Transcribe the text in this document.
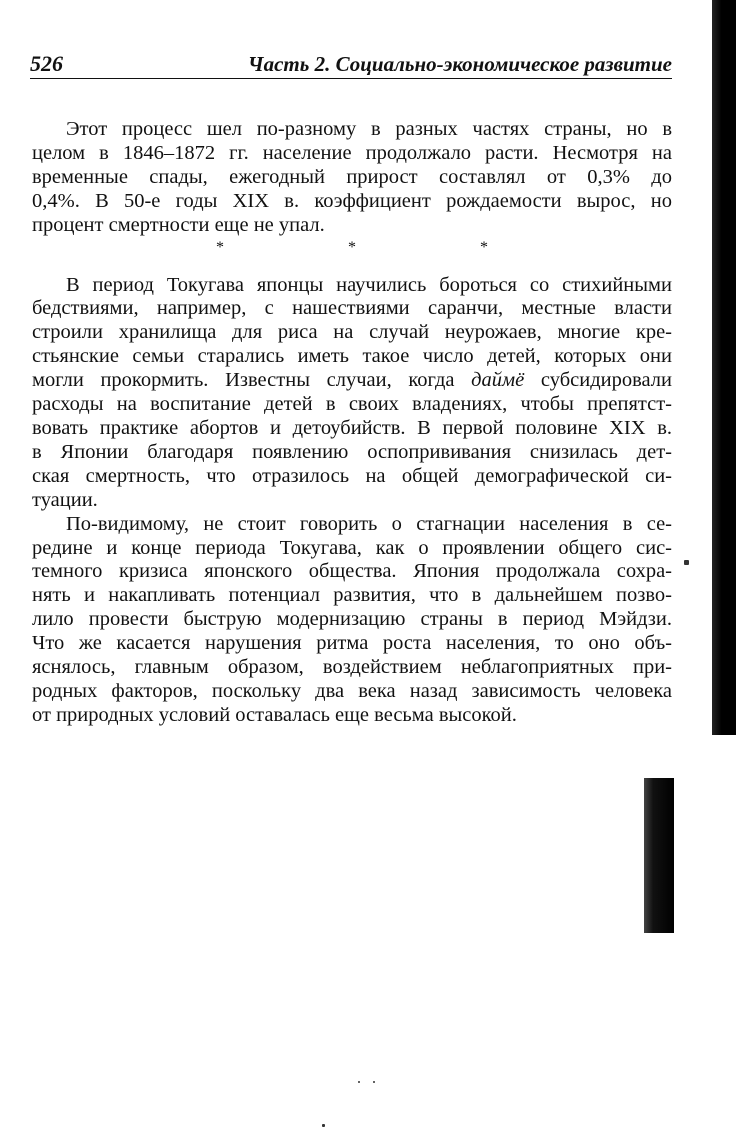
526	Часть 2. Социально-экономическое развитие

Этот процесс шел по-разному в разных частях страны, но в
целом в 1846–1872 гг. население продолжало расти. Несмотря на
временные спады, ежегодный прирост составлял от 0,3% до
0,4%. В 50-е годы XIX в. коэффициент рождаемости вырос, но
процент смертности еще не упал.

* * *

В период Токугава японцы научились бороться со стихийными
бедствиями, например, с нашествиями саранчи, местные власти
строили хранилища для риса на случай неурожаев, многие кре-
стьянские семьи старались иметь такое число детей, которых они
могли прокормить. Известны случаи, когда даймё субсидировали
расходы на воспитание детей в своих владениях, чтобы препятст-
вовать практике абортов и детоубийств. В первой половине XIX в.
в Японии благодаря появлению оспопрививания снизилась дет-
ская смертность, что отразилось на общей демографической си-
туации.

По-видимому, не стоит говорить о стагнации населения в се-
редине и конце периода Токугава, как о проявлении общего сис-
темного кризиса японского общества. Япония продолжала сохра-
нять и накапливать потенциал развития, что в дальнейшем позво-
лило провести быструю модернизацию страны в период Мэйдзи.
Что же касается нарушения ритма роста населения, то оно объ-
яснялось, главным образом, воздействием неблагоприятных при-
родных факторов, поскольку два века назад зависимость человека
от природных условий оставалась еще весьма высокой.
